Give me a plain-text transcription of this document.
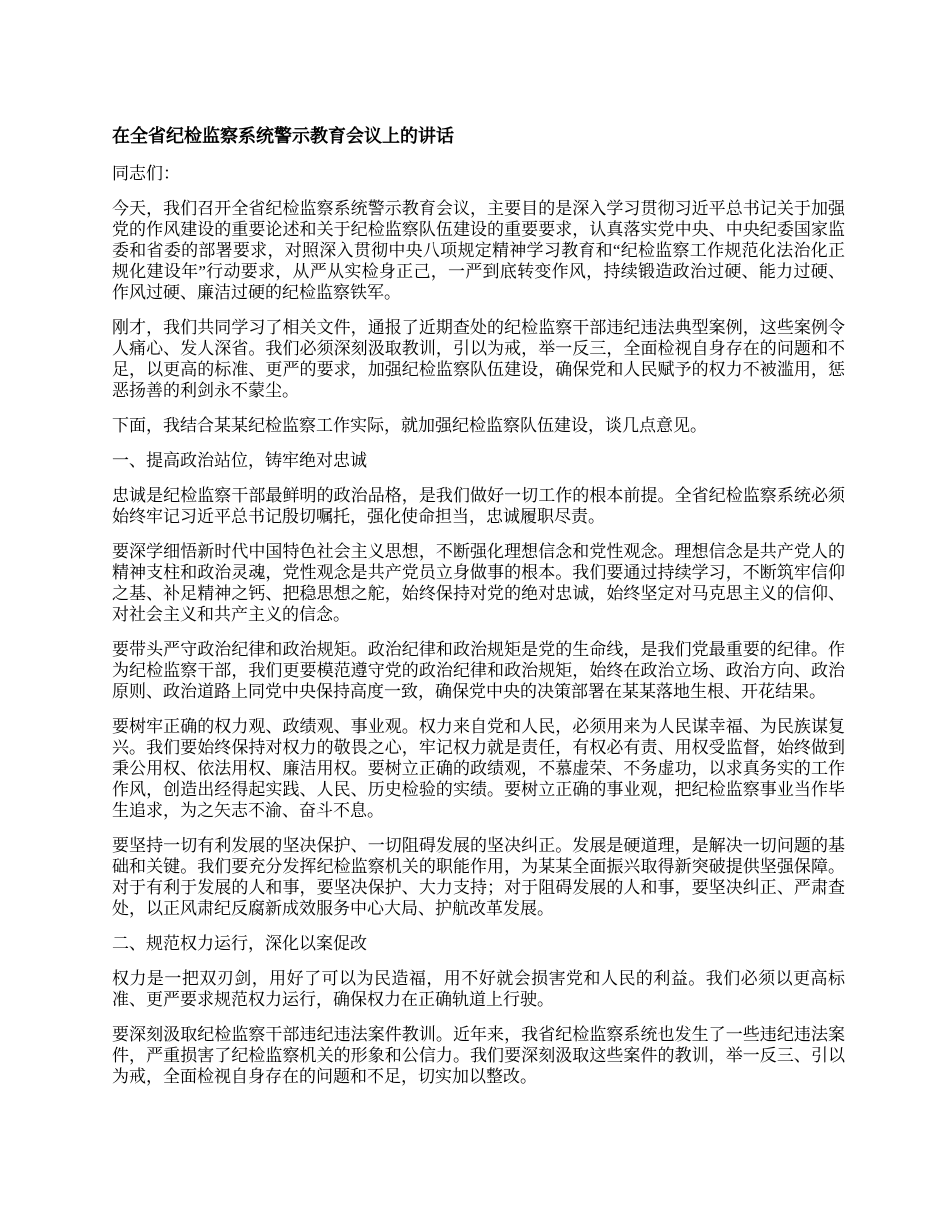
在全省纪检监察系统警示教育会议上的讲话

同志们：

今天，我们召开全省纪检监察系统警示教育会议，主要目的是深入学习贯彻习近平总书记关于加强党的作风建设的重要论述和关于纪检监察队伍建设的重要要求，认真落实党中央、中央纪委国家监委和省委的部署要求，对照深入贯彻中央八项规定精神学习教育和“纪检监察工作规范化法治化正规化建设年”行动要求，从严从实检身正己，一严到底转变作风，持续锻造政治过硬、能力过硬、作风过硬、廉洁过硬的纪检监察铁军。

刚才，我们共同学习了相关文件，通报了近期查处的纪检监察干部违纪违法典型案例，这些案例令人痛心、发人深省。我们必须深刻汲取教训，引以为戒，举一反三，全面检视自身存在的问题和不足，以更高的标准、更严的要求，加强纪检监察队伍建设，确保党和人民赋予的权力不被滥用，惩恶扬善的利剑永不蒙尘。

下面，我结合某某纪检监察工作实际，就加强纪检监察队伍建设，谈几点意见。

一、提高政治站位，铸牢绝对忠诚

忠诚是纪检监察干部最鲜明的政治品格，是我们做好一切工作的根本前提。全省纪检监察系统必须始终牢记习近平总书记殷切嘱托，强化使命担当，忠诚履职尽责。

要深学细悟新时代中国特色社会主义思想，不断强化理想信念和党性观念。理想信念是共产党人的精神支柱和政治灵魂，党性观念是共产党员立身做事的根本。我们要通过持续学习，不断筑牢信仰之基、补足精神之钙、把稳思想之舵，始终保持对党的绝对忠诚，始终坚定对马克思主义的信仰、对社会主义和共产主义的信念。

要带头严守政治纪律和政治规矩。政治纪律和政治规矩是党的生命线，是我们党最重要的纪律。作为纪检监察干部，我们更要模范遵守党的政治纪律和政治规矩，始终在政治立场、政治方向、政治原则、政治道路上同党中央保持高度一致，确保党中央的决策部署在某某落地生根、开花结果。

要树牢正确的权力观、政绩观、事业观。权力来自党和人民，必须用来为人民谋幸福、为民族谋复兴。我们要始终保持对权力的敬畏之心，牢记权力就是责任，有权必有责、用权受监督，始终做到秉公用权、依法用权、廉洁用权。要树立正确的政绩观，不慕虚荣、不务虚功，以求真务实的工作作风，创造出经得起实践、人民、历史检验的实绩。要树立正确的事业观，把纪检监察事业当作毕生追求，为之矢志不渝、奋斗不息。

要坚持一切有利发展的坚决保护、一切阻碍发展的坚决纠正。发展是硬道理，是解决一切问题的基础和关键。我们要充分发挥纪检监察机关的职能作用，为某某全面振兴取得新突破提供坚强保障。对于有利于发展的人和事，要坚决保护、大力支持；对于阻碍发展的人和事，要坚决纠正、严肃查处，以正风肃纪反腐新成效服务中心大局、护航改革发展。

二、规范权力运行，深化以案促改

权力是一把双刃剑，用好了可以为民造福，用不好就会损害党和人民的利益。我们必须以更高标准、更严要求规范权力运行，确保权力在正确轨道上行驶。

要深刻汲取纪检监察干部违纪违法案件教训。近年来，我省纪检监察系统也发生了一些违纪违法案件，严重损害了纪检监察机关的形象和公信力。我们要深刻汲取这些案件的教训，举一反三、引以为戒，全面检视自身存在的问题和不足，切实加以整改。
